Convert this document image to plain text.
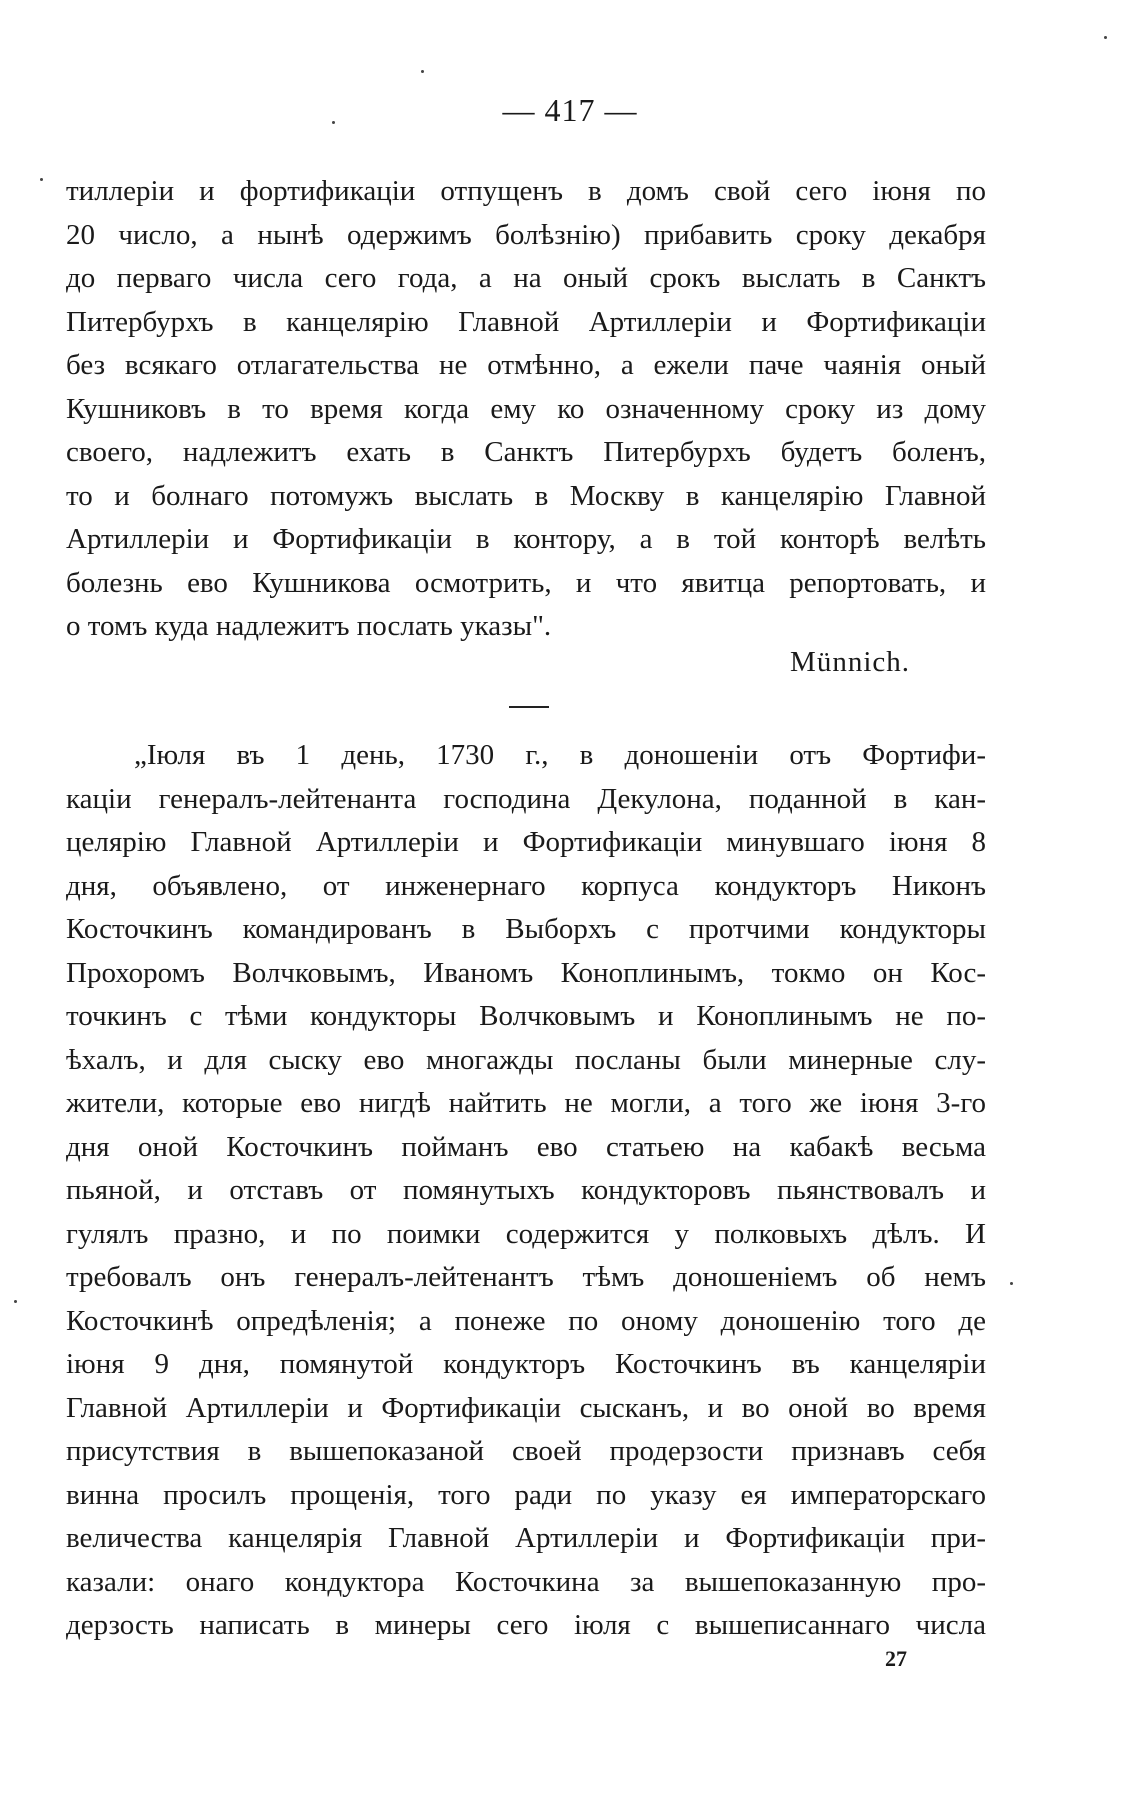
— 417 —
тиллеріи и фортификаціи отпущенъ в домъ свой сего іюня по
20 число, а нынѣ одержимъ болѣзнію) прибавить сроку декабря
до перваго числа сего года, а на оный срокъ выслать в Санктъ
Питербурхъ в канцелярію Главной Артиллеріи и Фортификаціи
без всякаго отлагательства не отмѣнно, а ежели паче чаянія оный
Кушниковъ в то время когда ему ко означенному сроку из дому
своего, надлежитъ ехать в Санктъ Питербурхъ будетъ боленъ,
то и болнаго потомужъ выслать в Москву в канцелярію Главной
Артиллеріи и Фортификаціи в контору, а в той конторѣ велѣть
болезнь ево Кушникова осмотрить, и что явитца репортовать, и
о томъ куда надлежитъ послать указы".
Münnich.
„Іюля въ 1 день, 1730 г., в доношеніи отъ Фортифи-
каціи генералъ-лейтенанта господина Декулона, поданной в кан-
целярію Главной Артиллеріи и Фортификаціи минувшаго іюня 8
дня, объявлено, от инженернаго корпуса кондукторъ Никонъ
Косточкинъ командированъ в Выборхъ с протчими кондукторы
Прохоромъ Волчковымъ, Иваномъ Коноплинымъ, токмо он Кос-
точкинъ с тѣми кондукторы Волчковымъ и Коноплинымъ не по-
ѣхалъ, и для сыску ево многажды посланы были минерные слу-
жители, которые ево нигдѣ найтить не могли, а того же іюня 3-го
дня оной Косточкинъ пойманъ ево статьею на кабакѣ весьма
пьяной, и отставъ от помянутыхъ кондукторовъ пьянствовалъ и
гулялъ празно, и по поимки содержится у полковыхъ дѣлъ. И
требовалъ онъ генералъ-лейтенантъ тѣмъ доношеніемъ об немъ
Косточкинѣ опредѣленія; а понеже по оному доношенію того де
іюня 9 дня, помянутой кондукторъ Косточкинъ въ канцеляріи
Главной Артиллеріи и Фортификаціи сысканъ, и во оной во время
присутствия в вышепоказаной своей продерзости признавъ себя
винна просилъ прощенія, того ради по указу ея императорскаго
величества канцелярія Главной Артиллеріи и Фортификаціи при-
казали: онаго кондуктора Косточкина за вышепоказанную про-
дерзость написать в минеры сего іюля с вышеписаннаго числа
27
